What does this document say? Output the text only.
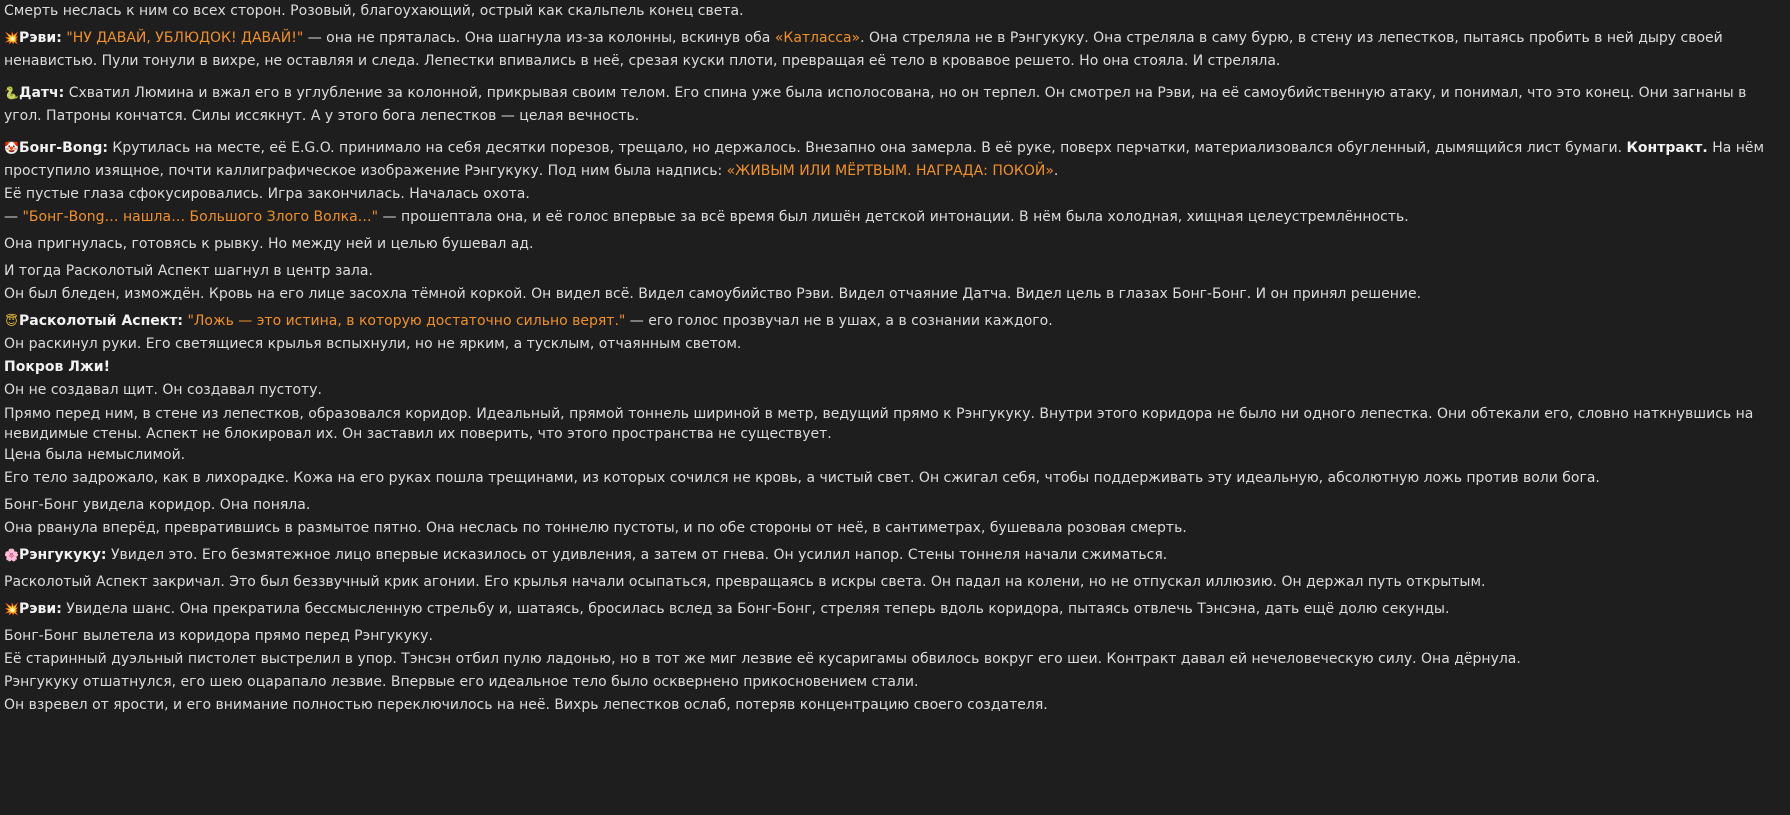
Смерть неслась к ним со всех сторон. Розовый, благоухающий, острый как скальпель конец света.

💥Рэви: "НУ ДАВАЙ, УБЛЮДОК! ДАВАЙ!" — она не пряталась. Она шагнула из-за колонны, вскинув оба «Катласса». Она стреляла не в Рэнгукуку. Она стреляла в саму бурю, в стену из лепестков, пытаясь пробить в ней дыру своей ненавистью. Пули тонули в вихре, не оставляя и следа. Лепестки впивались в неё, срезая куски плоти, превращая её тело в кровавое решето. Но она стояла. И стреляла.

🐍Датч: Схватил Люмина и вжал его в углубление за колонной, прикрывая своим телом. Его спина уже была исполосована, но он терпел. Он смотрел на Рэви, на её самоубийственную атаку, и понимал, что это конец. Они загнаны в угол. Патроны кончатся. Силы иссякнут. А у этого бога лепестков — целая вечность.

🤡Бонг-Bong: Крутилась на месте, её E.G.O. принимало на себя десятки порезов, трещало, но держалось. Внезапно она замерла. В её руке, поверх перчатки, материализовался обугленный, дымящийся лист бумаги. Контракт. На нём проступило изящное, почти каллиграфическое изображение Рэнгукуку. Под ним была надпись: «ЖИВЫМ ИЛИ МЁРТВЫМ. НАГРАДА: ПОКОЙ».

Её пустые глаза сфокусировались. Игра закончилась. Началась охота.

— "Бонг-Bong… нашла… Большого Злого Волка…" — прошептала она, и её голос впервые за всё время был лишён детской интонации. В нём была холодная, хищная целеустремлённость.

Она пригнулась, готовясь к рывку. Но между ней и целью бушевал ад.

И тогда Расколотый Аспект шагнул в центр зала.

Он был бледен, измождён. Кровь на его лице засохла тёмной коркой. Он видел всё. Видел самоубийство Рэви. Видел отчаяние Датча. Видел цель в глазах Бонг-Бонг. И он принял решение.

😇Расколотый Аспект: "Ложь — это истина, в которую достаточно сильно верят." — его голос прозвучал не в ушах, а в сознании каждого.

Он раскинул руки. Его светящиеся крылья вспыхнули, но не ярким, а тусклым, отчаянным светом.

Покров Лжи!

Он не создавал щит. Он создавал пустоту.

Прямо перед ним, в стене из лепестков, образовался коридор. Идеальный, прямой тоннель шириной в метр, ведущий прямо к Рэнгукуку. Внутри этого коридора не было ни одного лепестка. Они обтекали его, словно наткнувшись на невидимые стены. Аспект не блокировал их. Он заставил их поверить, что этого пространства не существует.

Цена была немыслимой.

Его тело задрожало, как в лихорадке. Кожа на его руках пошла трещинами, из которых сочился не кровь, а чистый свет. Он сжигал себя, чтобы поддерживать эту идеальную, абсолютную ложь против воли бога.

Бонг-Бонг увидела коридор. Она поняла.

Она рванула вперёд, превратившись в размытое пятно. Она неслась по тоннелю пустоты, и по обе стороны от неё, в сантиметрах, бушевала розовая смерть.

🌸Рэнгукуку: Увидел это. Его безмятежное лицо впервые исказилось от удивления, а затем от гнева. Он усилил напор. Стены тоннеля начали сжиматься.

Расколотый Аспект закричал. Это был беззвучный крик агонии. Его крылья начали осыпаться, превращаясь в искры света. Он падал на колени, но не отпускал иллюзию. Он держал путь открытым.

💥Рэви: Увидела шанс. Она прекратила бессмысленную стрельбу и, шатаясь, бросилась вслед за Бонг-Бонг, стреляя теперь вдоль коридора, пытаясь отвлечь Тэнсэна, дать ещё долю секунды.

Бонг-Бонг вылетела из коридора прямо перед Рэнгукуку.

Её старинный дуэльный пистолет выстрелил в упор. Тэнсэн отбил пулю ладонью, но в тот же миг лезвие её кусаригамы обвилось вокруг его шеи. Контракт давал ей нечеловеческую силу. Она дёрнула.

Рэнгукуку отшатнулся, его шею оцарапало лезвие. Впервые его идеальное тело было осквернено прикосновением стали.

Он взревел от ярости, и его внимание полностью переключилось на неё. Вихрь лепестков ослаб, потеряв концентрацию своего создателя.
